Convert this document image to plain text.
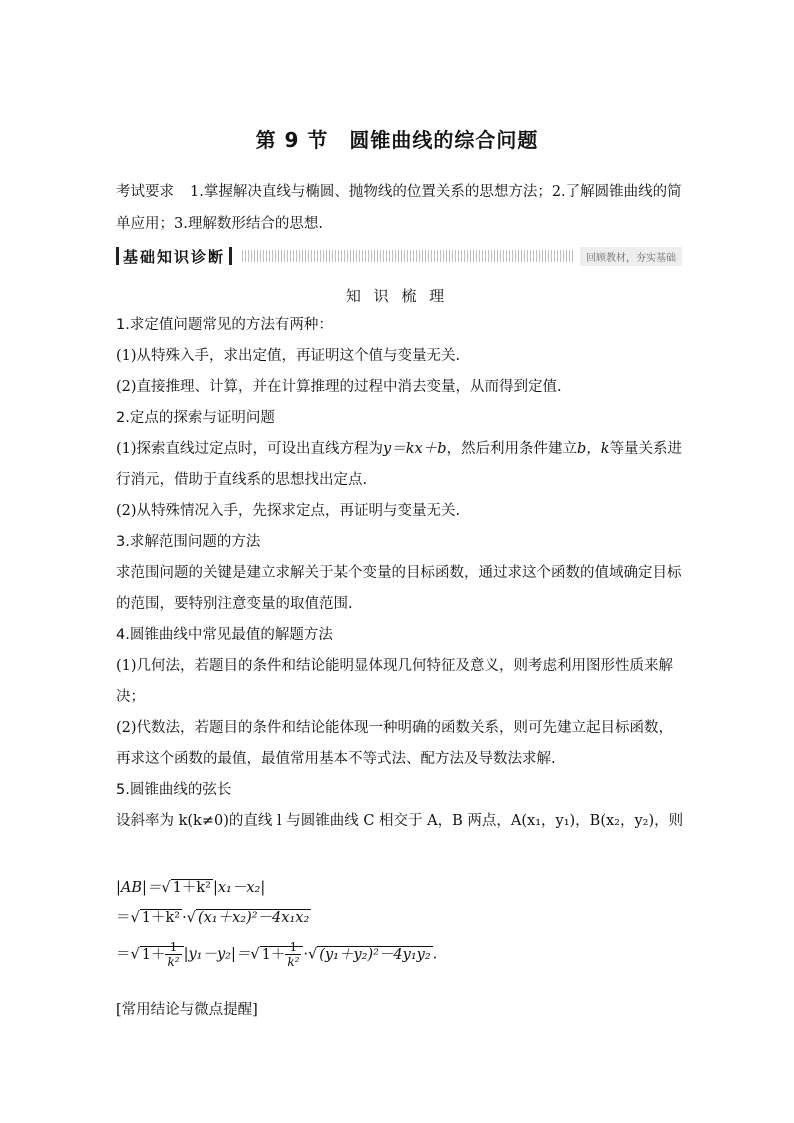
第 9 节　圆锥曲线的综合问题
考试要求 1.掌握解决直线与椭圆、抛物线的位置关系的思想方法；2.了解圆锥曲线的简单应用；3.理解数形结合的思想.
基础知识诊断	回顾教材，夯实基础
知 识 梳 理

1.求定值问题常见的方法有两种：

(1)从特殊入手，求出定值，再证明这个值与变量无关.

(2)直接推理、计算，并在计算推理的过程中消去变量，从而得到定值.

2.定点的探索与证明问题

(1)探索直线过定点时，可设出直线方程为y＝kx＋b，然后利用条件建立b，k等量关系进行消元，借助于直线系的思想找出定点.

(2)从特殊情况入手，先探求定点，再证明与变量无关.

3.求解范围问题的方法

求范围问题的关键是建立求解关于某个变量的目标函数，通过求这个函数的值域确定目标的范围，要特别注意变量的取值范围.

4.圆锥曲线中常见最值的解题方法

(1)几何法，若题目的条件和结论能明显体现几何特征及意义，则考虑利用图形性质来解决；

(2)代数法，若题目的条件和结论能体现一种明确的函数关系，则可先建立起目标函数，再求这个函数的最值，最值常用基本不等式法、配方法及导数法求解.

5.圆锥曲线的弦长

设斜率为 k(k≠0)的直线 l 与圆锥曲线 C 相交于 A，B 两点，A(x₁，y₁)，B(x₂，y₂)，则

|AB|＝√ 1＋k² |x₁－x₂|
＝√ 1＋k² ·√ (x₁＋x₂)²－4x₁x₂
＝√ $1+ \frac{1}{\text{k²}} |y_1-y_2|=√$ $1+ \frac{1}{\text{k²}}$ ·√ (y₁＋y₂)²－4y₁y₂ .
[常用结论与微点提醒]
